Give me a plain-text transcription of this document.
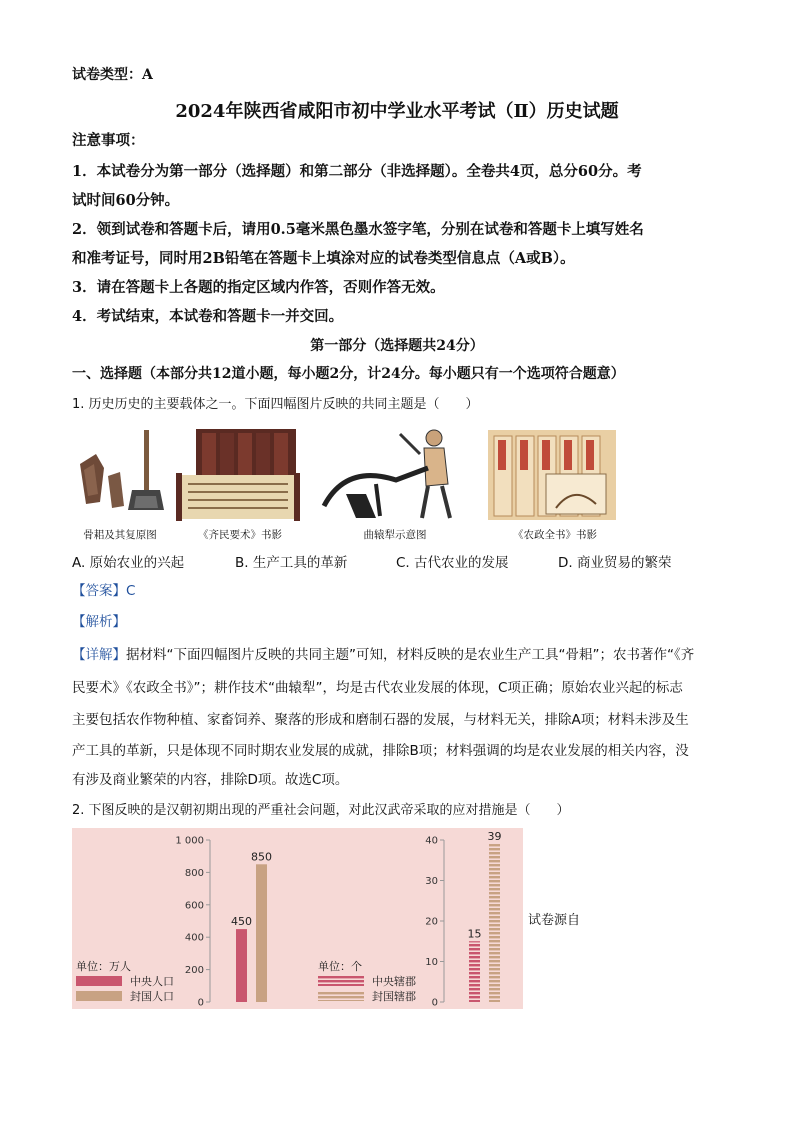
试卷类型：A
2024年陕西省咸阳市初中学业水平考试（Ⅱ）历史试题
注意事项：
1．本试卷分为第一部分（选择题）和第二部分（非选择题）。全卷共4页，总分60分。考
试时间60分钟。
2．领到试卷和答题卡后，请用0.5毫米黑色墨水签字笔，分别在试卷和答题卡上填写姓名
和准考证号，同时用2B铅笔在答题卡上填涂对应的试卷类型信息点（A或B）。
3．请在答题卡上各题的指定区域内作答，否则作答无效。
4．考试结束，本试卷和答题卡一并交回。
第一部分（选择题共24分）
一、选择题（本部分共12道小题，每小题2分，计24分。每小题只有一个选项符合题意）
1. 历史历史的主要载体之一。下面四幅图片反映的共同主题是（　　）
骨耜及其复原图	《齐民要术》书影	曲辕犁示意图	《农政全书》书影
A. 原始农业的兴起	B. 生产工具的革新	C. 古代农业的发展	D. 商业贸易的繁荣
【答案】C
【解析】
【详解】据材料“下面四幅图片反映的共同主题”可知，材料反映的是农业生产工具“骨耜”；农书著作“《齐
民要术》《农政全书》”；耕作技术“曲辕犁”，均是古代农业发展的体现，C项正确；原始农业兴起的标志
主要包括农作物种植、家畜饲养、聚落的形成和磨制石器的发展，与材料无关，排除A项；材料未涉及生
产工具的革新，只是体现不同时期农业发展的成就，排除B项；材料强调的均是农业发展的相关内容，没
有涉及商业繁荣的内容，排除D项。故选C项。
2. 下图反映的是汉朝初期出现的严重社会问题，对此汉武帝采取的应对措施是（　　）
0
200
400
600
800
1 000
450
850
单位：万人
中央人口
封国人口	0
10
20
30
40
15
39
单位：个
中央辖郡
封国辖郡
试卷源自
